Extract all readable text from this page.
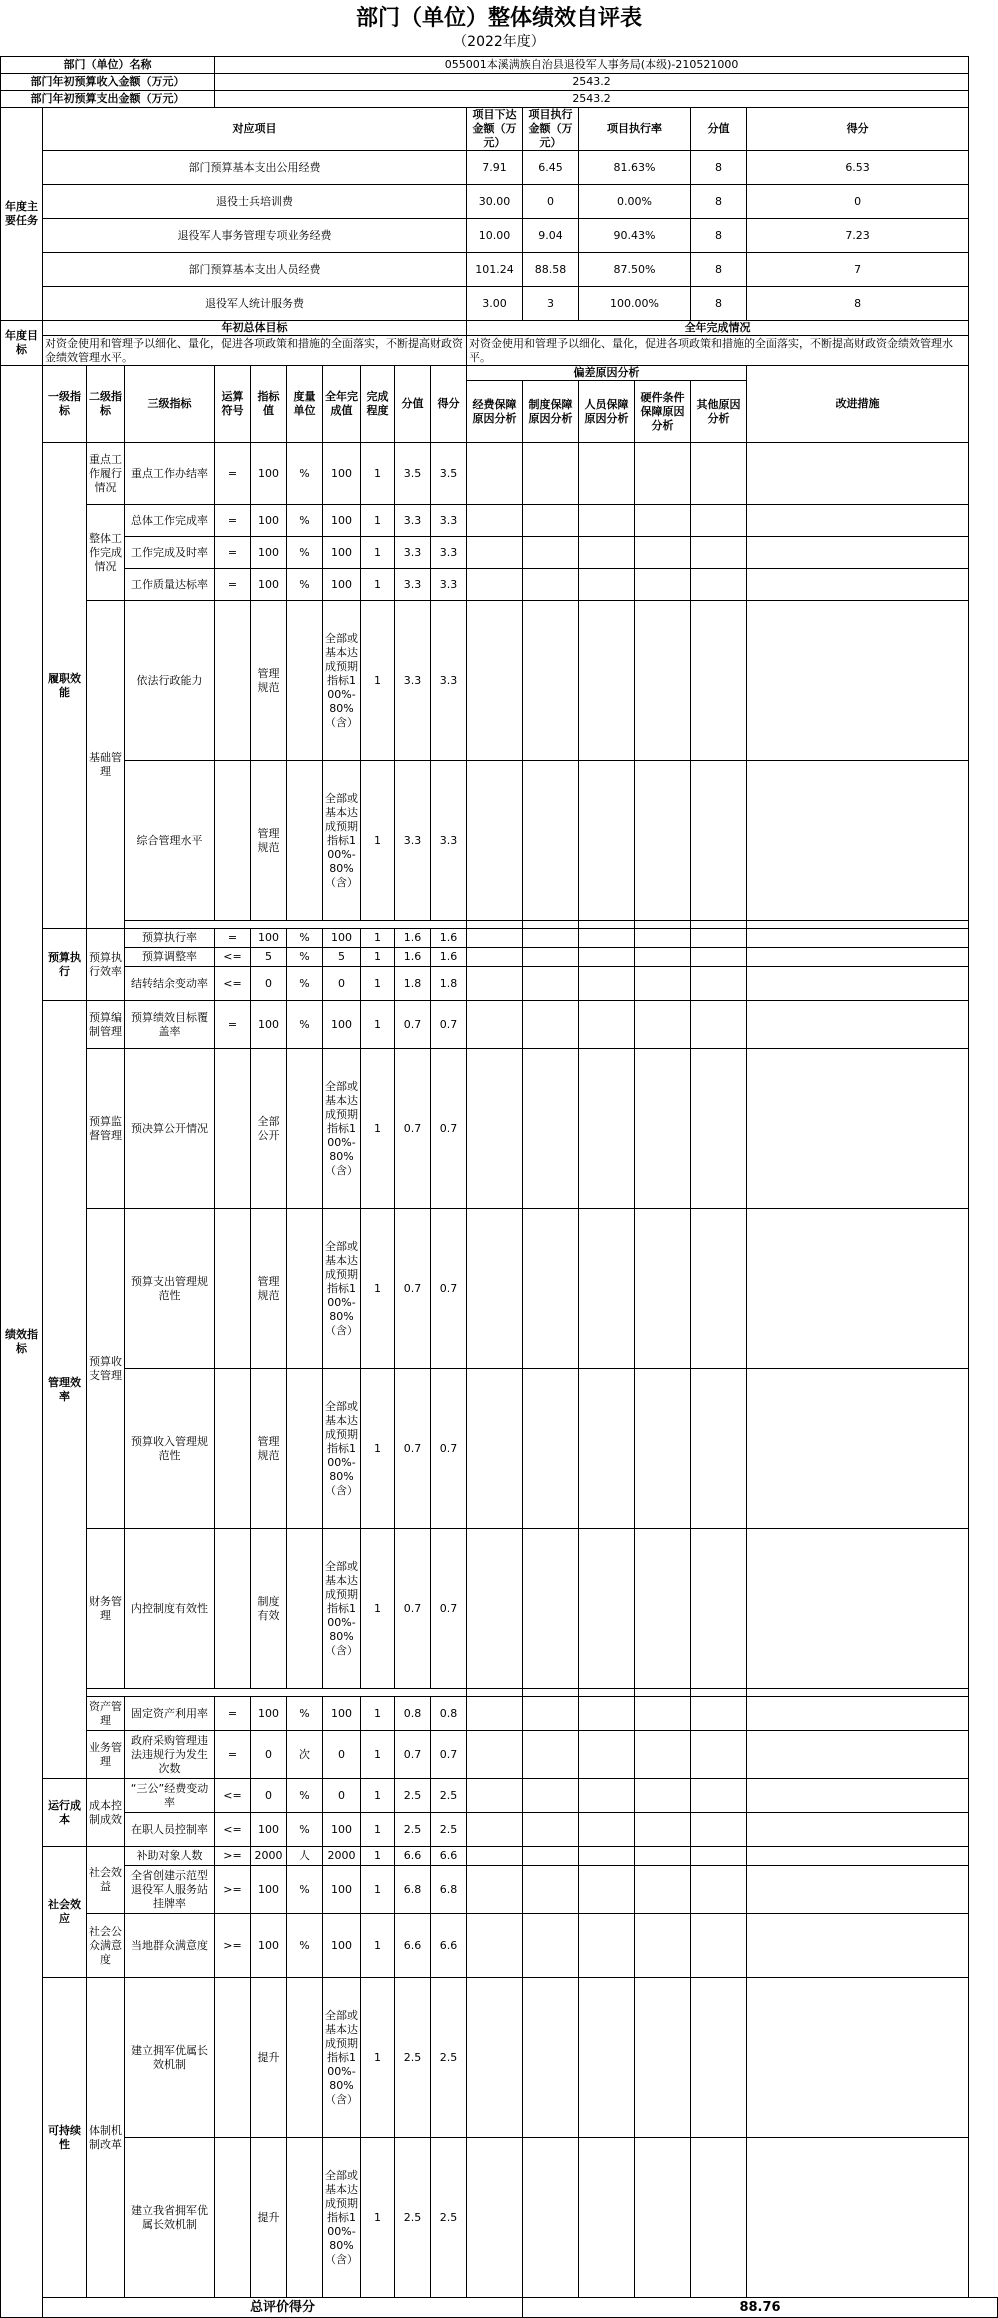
部门（单位）整体绩效自评表
（2022年度）
部门（单位）名称				055001本溪满族自治县退役军人事务局(本级)-210521000												
部门年初预算收入金额（万元）				2543.2												
部门年初预算支出金额（万元）				2543.2												
年度主要任务	对应项目										项目下达金额（万元）	项目执行金额（万元）	项目执行率		分值	得分
	部门预算基本支出公用经费										7.91	6.45	81.63%		8	6.53
	退役士兵培训费										30.00	0	0.00%		8	0
	退役军人事务管理专项业务经费										10.00	9.04	90.43%		8	7.23
	部门预算基本支出人员经费										101.24	88.58	87.50%		8	7
	退役军人统计服务费										3.00	3	100.00%		8	8
年度目标	年初总体目标										全年完成情况					
	对资金使用和管理予以细化、量化，促进各项政策和措施的全面落实，不断提高财政资金绩效管理水平。										对资金使用和管理予以细化、量化，促进各项政策和措施的全面落实，不断提高财政资金绩效管理水平。					
绩效指标	一级指标	二级指标	三级指标	运算符号	指标值	度量单位	全年完成值	完成程度	分值	得分	偏差原因分析					改进措施
											经费保障原因分析	制度保障原因分析	人员保障原因分析	硬件条件保障原因分析	其他原因分析	
	履职效能	重点工作履行情况	重点工作办结率	=	100	%	100	1	3.5	3.5						
		整体工作完成情况	总体工作完成率	=	100	%	100	1	3.3	3.3						
			工作完成及时率	=	100	%	100	1	3.3	3.3						
			工作质量达标率	=	100	%	100	1	3.3	3.3						
		基础管理	依法行政能力		管理规范		全部或基本达成预期指标100%-80%（含）	1	3.3	3.3						
			综合管理水平		管理规范		全部或基本达成预期指标100%-80%（含）	1	3.3	3.3						

	预算执行	预算执行效率	预算执行率	=	100	%	100	1	1.6	1.6						
			预算调整率	<=	5	%	5	1	1.6	1.6						
			结转结余变动率	<=	0	%	0	1	1.8	1.8						
	管理效率	预算编制管理	预算绩效目标覆盖率	=	100	%	100	1	0.7	0.7						
		预算监督管理	预决算公开情况		全部公开		全部或基本达成预期指标100%-80%（含）	1	0.7	0.7						
		预算收支管理	预算支出管理规范性		管理规范		全部或基本达成预期指标100%-80%（含）	1	0.7	0.7						
			预算收入管理规范性		管理规范		全部或基本达成预期指标100%-80%（含）	1	0.7	0.7						
		财务管理	内控制度有效性		制度有效		全部或基本达成预期指标100%-80%（含）	1	0.7	0.7						

		资产管理	固定资产利用率	=	100	%	100	1	0.8	0.8						
		业务管理	政府采购管理违法违规行为发生次数	=	0	次	0	1	0.7	0.7						
	运行成本	成本控制成效	“三公”经费变动率	<=	0	%	0	1	2.5	2.5						
			在职人员控制率	<=	100	%	100	1	2.5	2.5						
	社会效应	社会效益	补助对象人数	>=	2000	人	2000	1	6.6	6.6						
			全省创建示范型退役军人服务站挂牌率	>=	100	%	100	1	6.8	6.8						
		社会公众满意度	当地群众满意度	>=	100	%	100	1	6.6	6.6						
	可持续性	体制机制改革	建立拥军优属长效机制		提升		全部或基本达成预期指标100%-80%（含）	1	2.5	2.5						
			建立我省拥军优属长效机制		提升		全部或基本达成预期指标100%-80%（含）	1	2.5	2.5						
	总评价得分											88.76				
